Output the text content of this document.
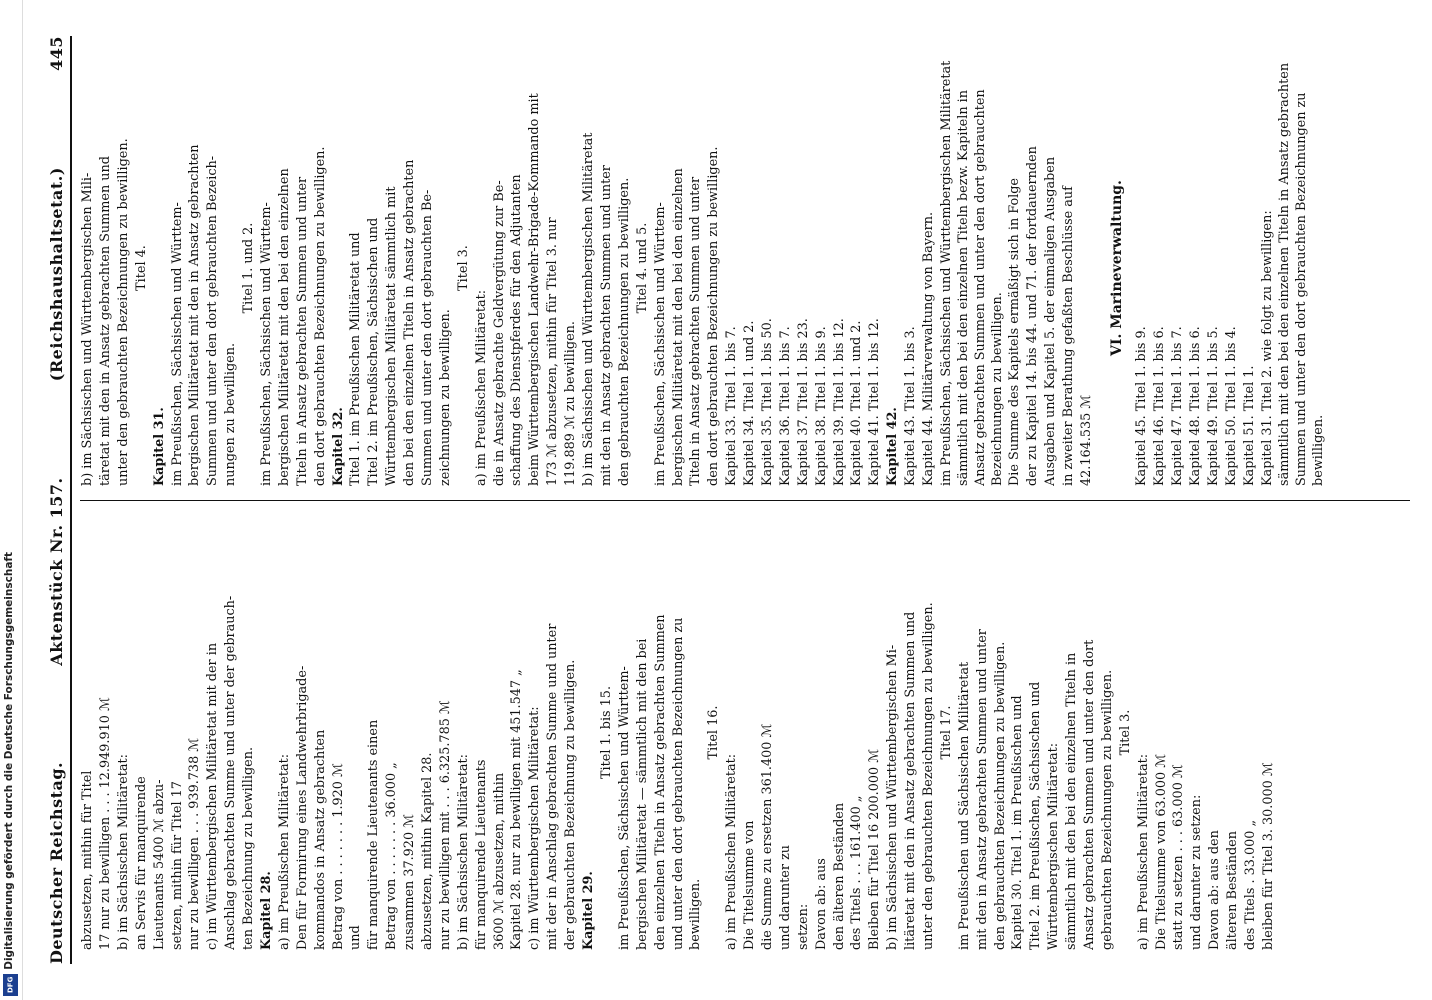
Digitalisierung gefördert durch die Deutsche Forschungsgemeinschaft
DFG
Deutscher Reichstag.
Aktenstück Nr. 157.
(Reichshaushaltsetat.)
445
abzusetzen, mithin für Titel 17 nur zu bewilligen . . . 12.949.910 ℳ b) im Sächsischen Militäretat: an Servis für manquirende Lieutenants 5400 ℳ abzu- setzen, mithin für Titel 17 nur zu bewilligen . . . 939.738 ℳ c) im Württembergischen Militäretat mit der in Anschlag gebrachten Summe und unter der gebrauch- ten Bezeichnung zu bewilligen. Kapitel 28. a) im Preußischen Militäretat: Den für Formirung eines Landwehrbrigade- kommandos in Ansatz gebrachten Betrag von . . . . . . . 1.920 ℳ und für manquirende Lieutenants einen Betrag von . . . . . . . 36.000 „ zusammen 37.920 ℳ abzusetzen, mithin Kapitel 28. nur zu bewilligen mit . . . 6.325.785 ℳ b) im Sächsischen Militäretat: für manquirende Lieutenants 3600 ℳ abzusetzen, mithin Kapitel 28. nur zu bewilligen mit 451.547 „ c) im Württembergischen Militäretat: mit der in Anschlag gebrachten Summe und unter der gebrauchten Bezeichnung zu bewilligen. Kapitel 29.
Titel 1. bis 15. im Preußischen, Sächsischen und Württem- bergischen Militäretat — sämmtlich mit den bei den einzelnen Titeln in Ansatz gebrachten Summen und unter den dort gebrauchten Bezeichnungen zu bewilligen.
Titel 16.
a) im Preußischen Militäretat: Die Titelsumme von die Summe zu ersetzen 361.400 ℳ und darunter zu setzen: Davon ab: aus den älteren Beständen des Titels . . . 161.400 „ Bleiben für Titel 16 200.000 ℳ b) im Sächsischen und Württembergischen Mi- litäretat mit den in Ansatz gebrachten Summen und unter den gebrauchten Bezeichnungen zu bewilligen. Titel 17. im Preußischen und Sächsischen Militäretat mit den in Ansatz gebrachten Summen und unter den gebrauchten Bezeichnungen zu bewilligen. Kapitel 30. Titel 1. im Preußischen und Titel 2. im Preußischen, Sächsischen und Württembergischen Militäretat: sämmtlich mit den bei den einzelnen Titeln in Ansatz gebrachten Summen und unter den dort gebrauchten Bezeichnungen zu bewilligen. Titel 3.
a) im Preußischen Militäretat: Die Titelsumme von 63.000 ℳ statt zu setzen . . . 63.000 ℳ und darunter zu setzen: Davon ab: aus den älteren Beständen des Titels . 33.000 „ bleiben für Titel 3. 30.000 ℳ
b) im Sächsischen und Württembergischen Mili- täretat mit den in Ansatz gebrachten Summen und unter den gebrauchten Bezeichnungen zu bewilligen. Titel 4.
Kapitel 31. im Preußischen, Sächsischen und Württem- bergischen Militäretat mit den in Ansatz gebrachten Summen und unter den dort gebrauchten Bezeich- nungen zu bewilligen.
Titel 1. und 2. im Preußischen, Sächsischen und Württem- bergischen Militäretat mit den bei den einzelnen Titeln in Ansatz gebrachten Summen und unter den dort gebrauchten Bezeichnungen zu bewilligen. Kapitel 32. Titel 1. im Preußischen Militäretat und Titel 2. im Preußischen, Sächsischen und Württembergischen Militäretat sämmtlich mit den bei den einzelnen Titeln in Ansatz gebrachten Summen und unter den dort gebrauchten Be- zeichnungen zu bewilligen.
Titel 3.
a) im Preußischen Militäretat: die in Ansatz gebrachte Geldvergütung zur Be- schaffung des Dienstpferdes für den Adjutanten beim Württembergischen Landwehr-Brigade-Kommando mit 173 ℳ abzusetzen, mithin für Titel 3. nur 119.889 ℳ zu bewilligen. b) im Sächsischen und Württembergischen Militäretat mit den in Ansatz gebrachten Summen und unter den gebrauchten Bezeichnungen zu bewilligen. Titel 4. und 5. im Preußischen, Sächsischen und Württem- bergischen Militäretat mit den bei den einzelnen Titeln in Ansatz gebrachten Summen und unter den dort gebrauchten Bezeichnungen zu bewilligen. Kapitel 33. Titel 1. bis 7. Kapitel 34. Titel 1. und 2. Kapitel 35. Titel 1. bis 50. Kapitel 36. Titel 1. bis 7. Kapitel 37. Titel 1. bis 23. Kapitel 38. Titel 1. bis 9. Kapitel 39. Titel 1. bis 12. Kapitel 40. Titel 1. und 2. Kapitel 41. Titel 1. bis 12. Kapitel 42. Kapitel 43. Titel 1. bis 3. Kapitel 44. Militärverwaltung von Bayern. im Preußischen, Sächsischen und Württembergischen Militäretat sämmtlich mit den bei den einzelnen Titeln bezw. Kapiteln in Ansatz gebrachten Summen und unter den dort gebrauchten Bezeichnungen zu bewilligen. Die Summe des Kapitels ermäßigt sich in Folge der zu Kapitel 14. bis 44. und 71. der fortdauernden Ausgaben und Kapitel 5. der einmaligen Ausgaben in zweiter Berathung gefaßten Beschlüsse auf 42.164.535 ℳ
VI. Marineverwaltung.
Kapitel 45. Titel 1. bis 9. Kapitel 46. Titel 1. bis 6. Kapitel 47. Titel 1. bis 7. Kapitel 48. Titel 1. bis 6. Kapitel 49. Titel 1. bis 5. Kapitel 50. Titel 1. bis 4. Kapitel 51. Titel 1. Kapitel 31. Titel 2. wie folgt zu bewilligen: sämmtlich mit den bei den einzelnen Titeln in Ansatz gebrachten Summen und unter den dort gebrauchten Bezeichnungen zu bewilligen.
